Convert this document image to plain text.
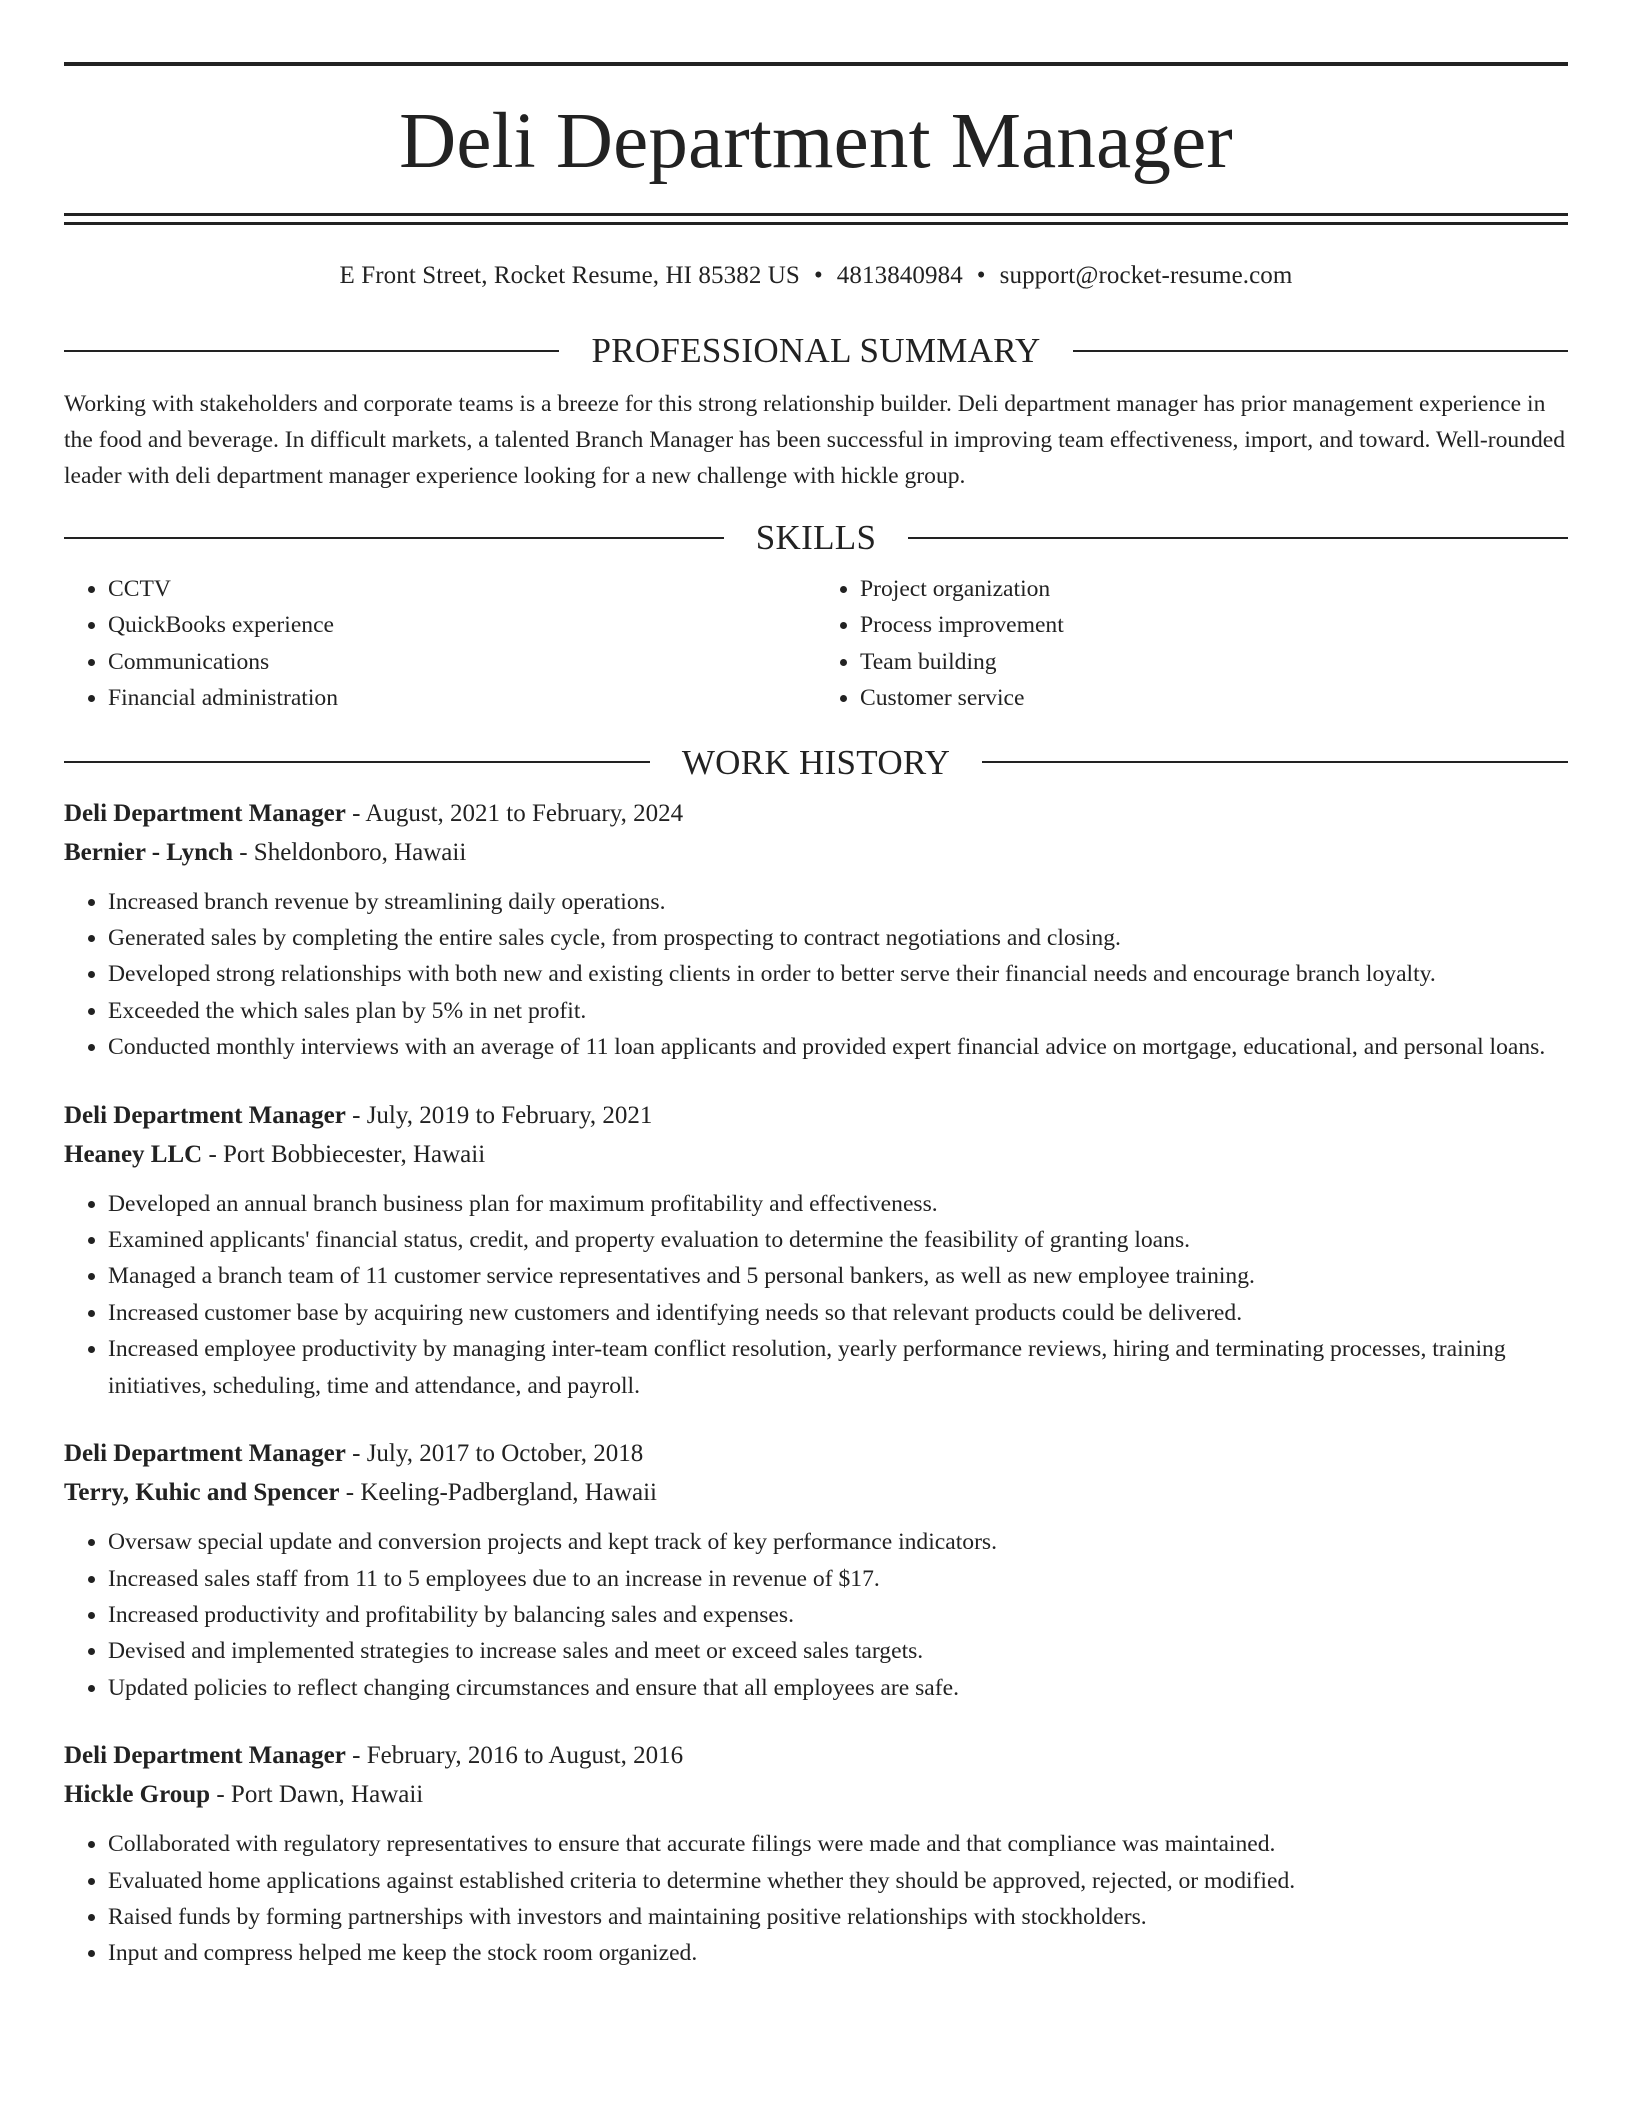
Deli Department Manager
E Front Street, Rocket Resume, HI 85382 US • 4813840984 • support@rocket-resume.com
PROFESSIONAL SUMMARY
Working with stakeholders and corporate teams is a breeze for this strong relationship builder. Deli department manager has prior management experience in the food and beverage. In difficult markets, a talented Branch Manager has been successful in improving team effectiveness, import, and toward. Well-rounded leader with deli department manager experience looking for a new challenge with hickle group.
SKILLS
• CCTV
• QuickBooks experience
• Communications
• Financial administration
• Project organization
• Process improvement
• Team building
• Customer service
WORK HISTORY
Deli Department Manager - August, 2021 to February, 2024
Bernier - Lynch - Sheldonboro, Hawaii
• Increased branch revenue by streamlining daily operations.
• Generated sales by completing the entire sales cycle, from prospecting to contract negotiations and closing.
• Developed strong relationships with both new and existing clients in order to better serve their financial needs and encourage branch loyalty.
• Exceeded the which sales plan by 5% in net profit.
• Conducted monthly interviews with an average of 11 loan applicants and provided expert financial advice on mortgage, educational, and personal loans.
Deli Department Manager - July, 2019 to February, 2021
Heaney LLC - Port Bobbiecester, Hawaii
• Developed an annual branch business plan for maximum profitability and effectiveness.
• Examined applicants' financial status, credit, and property evaluation to determine the feasibility of granting loans.
• Managed a branch team of 11 customer service representatives and 5 personal bankers, as well as new employee training.
• Increased customer base by acquiring new customers and identifying needs so that relevant products could be delivered.
• Increased employee productivity by managing inter-team conflict resolution, yearly performance reviews, hiring and terminating processes, training initiatives, scheduling, time and attendance, and payroll.
Deli Department Manager - July, 2017 to October, 2018
Terry, Kuhic and Spencer - Keeling-Padbergland, Hawaii
• Oversaw special update and conversion projects and kept track of key performance indicators.
• Increased sales staff from 11 to 5 employees due to an increase in revenue of $17.
• Increased productivity and profitability by balancing sales and expenses.
• Devised and implemented strategies to increase sales and meet or exceed sales targets.
• Updated policies to reflect changing circumstances and ensure that all employees are safe.
Deli Department Manager - February, 2016 to August, 2016
Hickle Group - Port Dawn, Hawaii
• Collaborated with regulatory representatives to ensure that accurate filings were made and that compliance was maintained.
• Evaluated home applications against established criteria to determine whether they should be approved, rejected, or modified.
• Raised funds by forming partnerships with investors and maintaining positive relationships with stockholders.
• Input and compress helped me keep the stock room organized.
